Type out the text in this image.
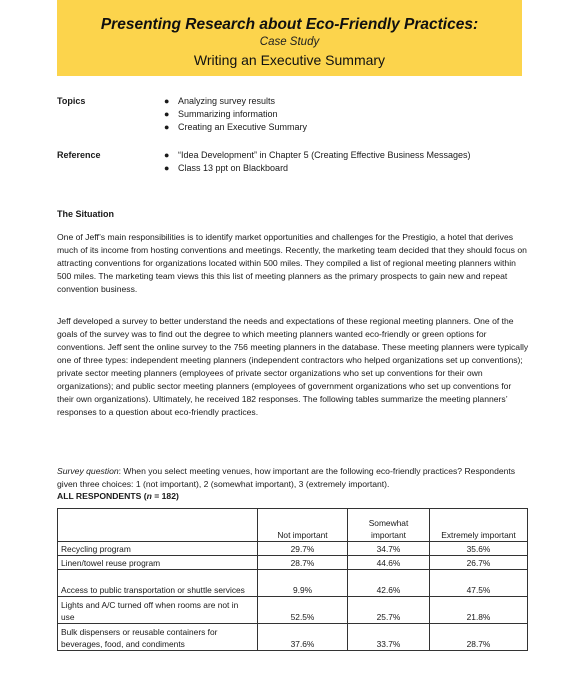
Presenting Research about Eco-Friendly Practices:
Case Study
Writing an Executive Summary
Topics	● Analyzing survey results
● Summarizing information
● Creating an Executive Summary
Reference	● “Idea Development” in Chapter 5 (Creating Effective Business Messages)
● Class 13 ppt on Blackboard
The Situation

One of Jeff’s main responsibilities is to identify market opportunities and challenges for the Prestigio, a hotel that derives much of its income from hosting conventions and meetings. Recently, the marketing team decided that they should focus on attracting conventions for organizations located within 500 miles. They compiled a list of regional meeting planners within 500 miles. The marketing team views this this list of meeting planners as the primary prospects to gain new and repeat convention business.

Jeff developed a survey to better understand the needs and expectations of these regional meeting planners. One of the goals of the survey was to find out the degree to which meeting planners wanted eco-friendly or green options for conventions. Jeff sent the online survey to the 756 meeting planners in the database. These meeting planners were typically one of three types: independent meeting planners (independent contractors who helped organizations set up conventions); private sector meeting planners (employees of private sector organizations who set up conventions for their own organizations); and public sector meeting planners (employees of government organizations who set up conventions for their own organizations). Ultimately, he received 182 responses. The following tables summarize the meeting planners’ responses to a question about eco-friendly practices.

Survey question: When you select meeting venues, how important are the following eco-friendly practices? Respondents given three choices: 1 (not important), 2 (somewhat important), 3 (extremely important).
ALL RESPONDENTS (n = 182)
	Not important	Somewhat important	Extremely important
Recycling program	29.7%	34.7%	35.6%
Linen/towel reuse program	28.7%	44.6%	26.7%
Access to public transportation or shuttle services	9.9%	42.6%	47.5%
Lights and A/C turned off when rooms are not in use	52.5%	25.7%	21.8%
Bulk dispensers or reusable containers for beverages, food, and condiments	37.6%	33.7%	28.7%
